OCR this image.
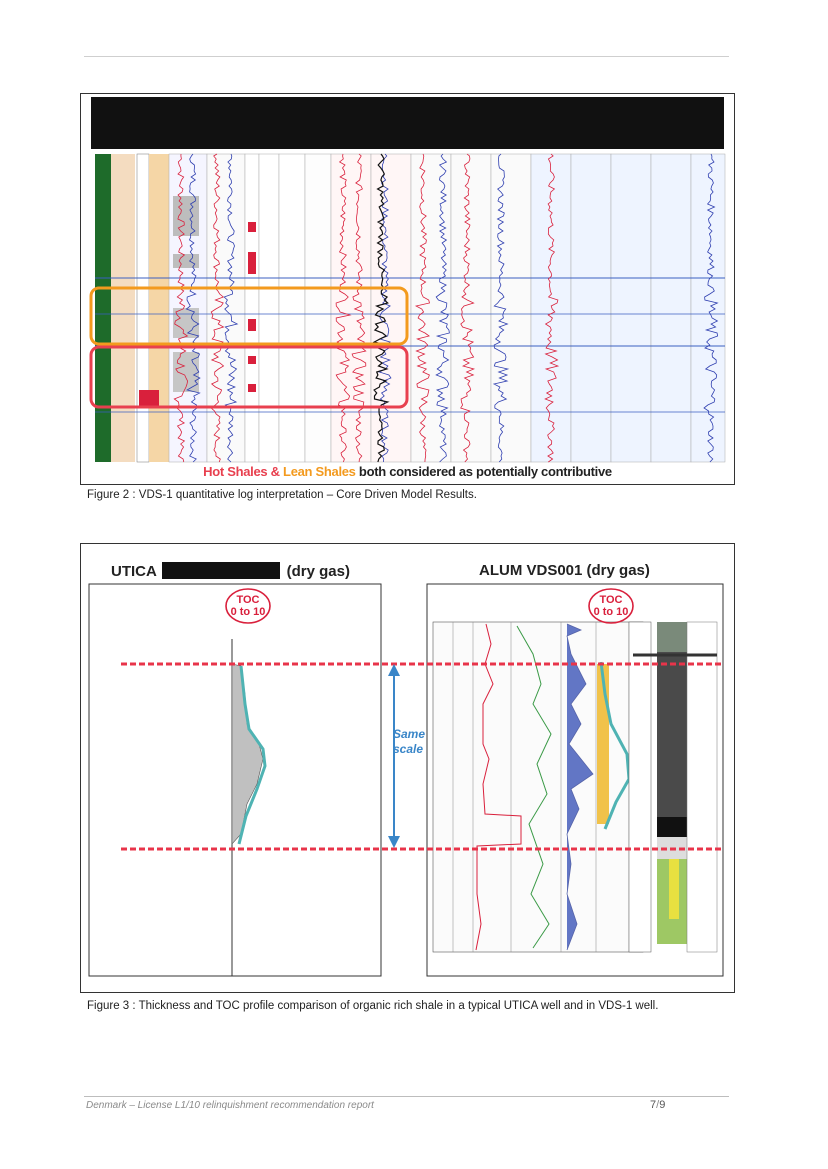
Hot Shales & Lean Shales both considered as potentially contributive
Figure 2 : VDS-1 quantitative log interpretation – Core Driven Model Results.
UTICA	(dry gas)	ALUM VDS001 (dry gas)
TOC
0 to 10
TOC
0 to 10
Same
scale
Figure 3 : Thickness and TOC profile comparison of organic rich shale in a typical UTICA well and in VDS-1 well.
Denmark – License L1/10 relinquishment recommendation report	7/9
